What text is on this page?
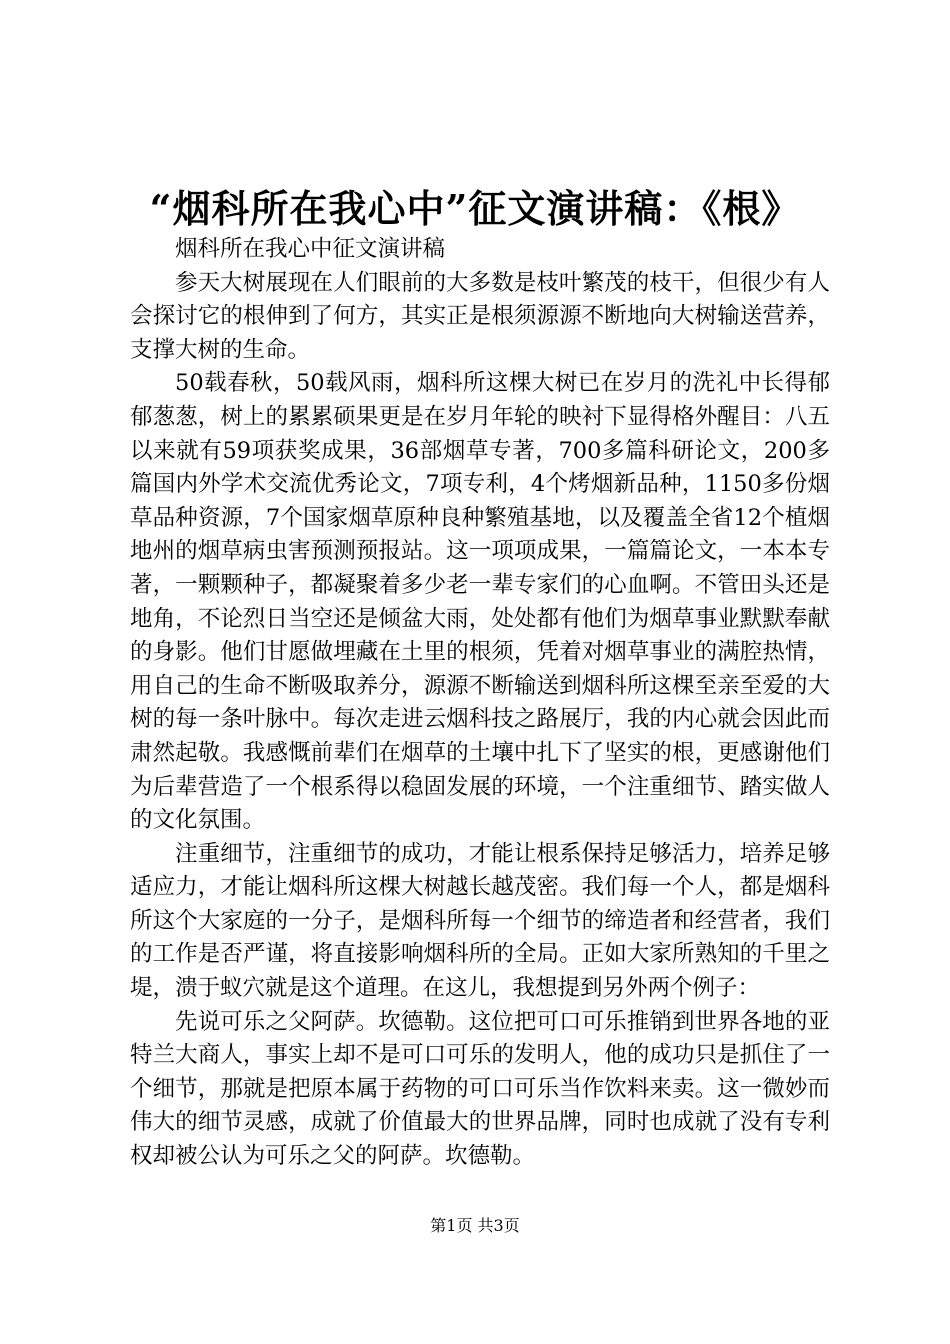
“烟科所在我心中”征文演讲稿：《根》

烟科所在我心中征文演讲稿

参天大树展现在人们眼前的大多数是枝叶繁茂的枝干，但很少有人会探讨它的根伸到了何方，其实正是根须源源不断地向大树输送营养，支撑大树的生命。

50载春秋，50载风雨，烟科所这棵大树已在岁月的洗礼中长得郁郁葱葱，树上的累累硕果更是在岁月年轮的映衬下显得格外醒目：八五以来就有59项获奖成果，36部烟草专著，700多篇科研论文，200多篇国内外学术交流优秀论文，7项专利，4个烤烟新品种，1150多份烟草品种资源，7个国家烟草原种良种繁殖基地，以及覆盖全省12个植烟地州的烟草病虫害预测预报站。这一项项成果，一篇篇论文，一本本专著，一颗颗种子，都凝聚着多少老一辈专家们的心血啊。不管田头还是地角，不论烈日当空还是倾盆大雨，处处都有他们为烟草事业默默奉献的身影。他们甘愿做埋藏在土里的根须，凭着对烟草事业的满腔热情，用自己的生命不断吸取养分，源源不断输送到烟科所这棵至亲至爱的大树的每一条叶脉中。每次走进云烟科技之路展厅，我的内心就会因此而肃然起敬。我感慨前辈们在烟草的土壤中扎下了坚实的根，更感谢他们为后辈营造了一个根系得以稳固发展的环境，一个注重细节、踏实做人的文化氛围。

注重细节，注重细节的成功，才能让根系保持足够活力，培养足够适应力，才能让烟科所这棵大树越长越茂密。我们每一个人，都是烟科所这个大家庭的一分子，是烟科所每一个细节的缔造者和经营者，我们的工作是否严谨，将直接影响烟科所的全局。正如大家所熟知的千里之堤，溃于蚁穴就是这个道理。在这儿，我想提到另外两个例子：

先说可乐之父阿萨。坎德勒。这位把可口可乐推销到世界各地的亚特兰大商人，事实上却不是可口可乐的发明人，他的成功只是抓住了一个细节，那就是把原本属于药物的可口可乐当作饮料来卖。这一微妙而伟大的细节灵感，成就了价值最大的世界品牌，同时也成就了没有专利权却被公认为可乐之父的阿萨。坎德勒。

第1页 共3页
